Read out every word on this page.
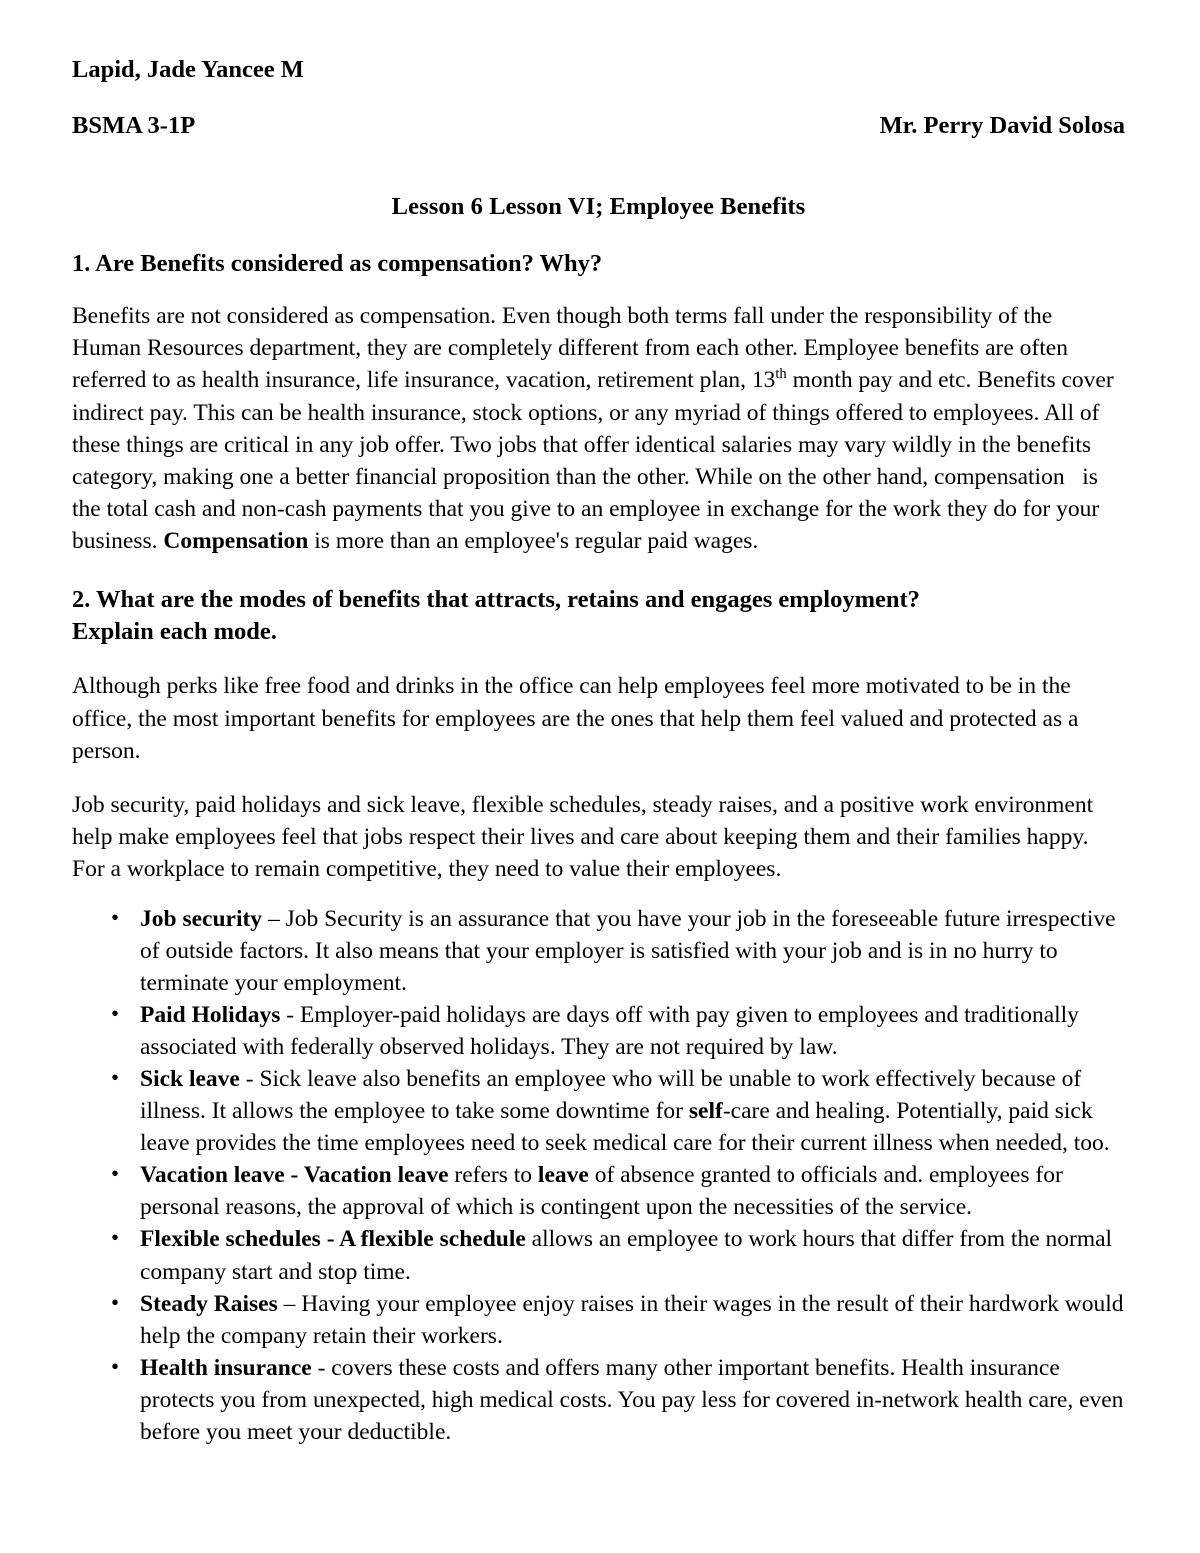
Lapid, Jade Yancee M
BSMA 3-1P	Mr. Perry David Solosa
Lesson 6 Lesson VI; Employee Benefits
1. Are Benefits considered as compensation? Why?
Benefits are not considered as compensation. Even though both terms fall under the responsibility of the Human Resources department, they are completely different from each other. Employee benefits are often referred to as health insurance, life insurance, vacation, retirement plan, 13th month pay and etc. Benefits cover indirect pay. This can be health insurance, stock options, or any myriad of things offered to employees. All of these things are critical in any job offer. Two jobs that offer identical salaries may vary wildly in the benefits category, making one a better financial proposition than the other. While on the other hand, compensation   is the total cash and non-cash payments that you give to an employee in exchange for the work they do for your business. Compensation is more than an employee's regular paid wages.
2. What are the modes of benefits that attracts, retains and engages employment?
Explain each mode.
Although perks like free food and drinks in the office can help employees feel more motivated to be in the office, the most important benefits for employees are the ones that help them feel valued and protected as a person.
Job security, paid holidays and sick leave, flexible schedules, steady raises, and a positive work environment help make employees feel that jobs respect their lives and care about keeping them and their families happy. For a workplace to remain competitive, they need to value their employees.
• Job security – Job Security is an assurance that you have your job in the foreseeable future irrespective of outside factors. It also means that your employer is satisfied with your job and is in no hurry to terminate your employment.
• Paid Holidays - Employer-paid holidays are days off with pay given to employees and traditionally associated with federally observed holidays. They are not required by law.
• Sick leave - Sick leave also benefits an employee who will be unable to work effectively because of illness. It allows the employee to take some downtime for self-care and healing. Potentially, paid sick leave provides the time employees need to seek medical care for their current illness when needed, too.
• Vacation leave - Vacation leave refers to leave of absence granted to officials and. employees for personal reasons, the approval of which is contingent upon the necessities of the service.
• Flexible schedules - A flexible schedule allows an employee to work hours that differ from the normal company start and stop time.
• Steady Raises – Having your employee enjoy raises in their wages in the result of their hardwork would help the company retain their workers.
• Health insurance - covers these costs and offers many other important benefits. Health insurance protects you from unexpected, high medical costs. You pay less for covered in-network health care, even before you meet your deductible.
